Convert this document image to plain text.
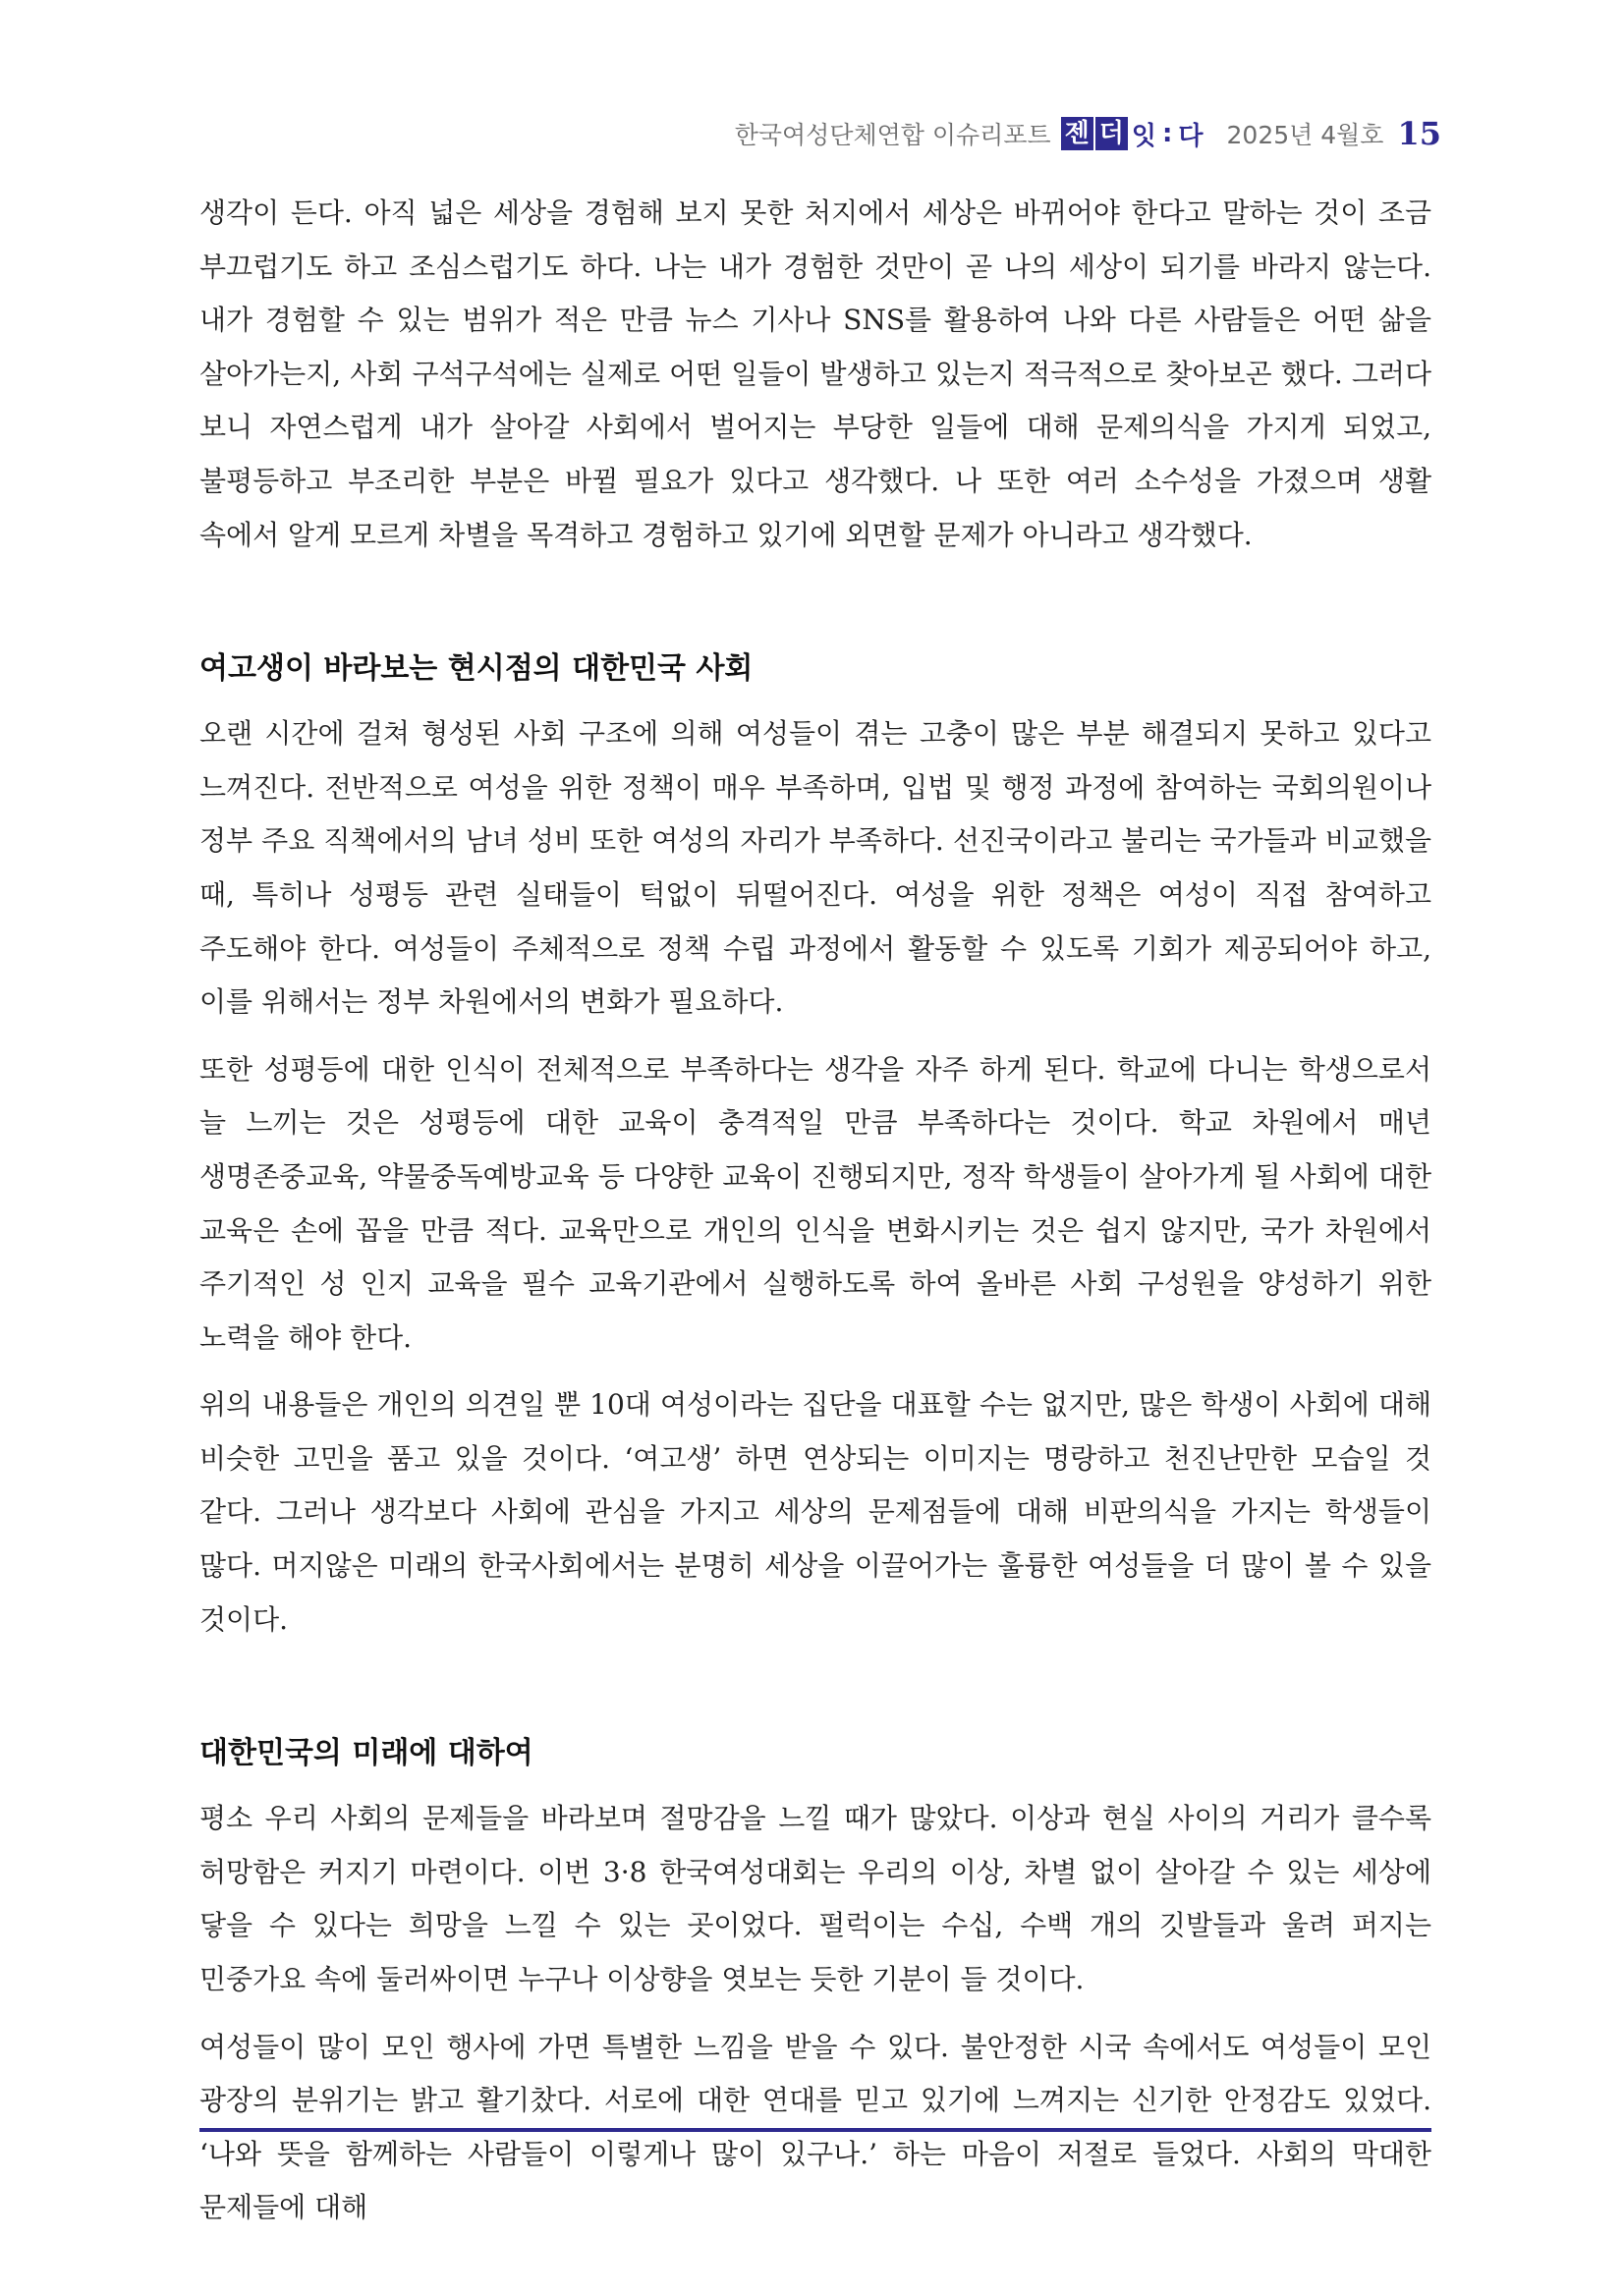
한국여성단체연합 이슈리포트 젠 더 잇 : 다 2025년 4월호 15

생각이 든다. 아직 넓은 세상을 경험해 보지 못한 처지에서 세상은 바뀌어야 한다고 말하는 것이 조금 부끄럽기도 하고 조심스럽기도 하다. 나는 내가 경험한 것만이 곧 나의 세상이 되기를 바라지 않는다. 내가 경험할 수 있는 범위가 적은 만큼 뉴스 기사나 SNS를 활용하여 나와 다른 사람들은 어떤 삶을 살아가는지, 사회 구석구석에는 실제로 어떤 일들이 발생하고 있는지 적극적으로 찾아보곤 했다. 그러다 보니 자연스럽게 내가 살아갈 사회에서 벌어지는 부당한 일들에 대해 문제의식을 가지게 되었고, 불평등하고 부조리한 부분은 바뀔 필요가 있다고 생각했다. 나 또한 여러 소수성을 가졌으며 생활 속에서 알게 모르게 차별을 목격하고 경험하고 있기에 외면할 문제가 아니라고 생각했다.

여고생이 바라보는 현시점의 대한민국 사회

오랜 시간에 걸쳐 형성된 사회 구조에 의해 여성들이 겪는 고충이 많은 부분 해결되지 못하고 있다고 느껴진다. 전반적으로 여성을 위한 정책이 매우 부족하며, 입법 및 행정 과정에 참여하는 국회의원이나 정부 주요 직책에서의 남녀 성비 또한 여성의 자리가 부족하다. 선진국이라고 불리는 국가들과 비교했을 때, 특히나 성평등 관련 실태들이 턱없이 뒤떨어진다. 여성을 위한 정책은 여성이 직접 참여하고 주도해야 한다. 여성들이 주체적으로 정책 수립 과정에서 활동할 수 있도록 기회가 제공되어야 하고, 이를 위해서는 정부 차원에서의 변화가 필요하다.

또한 성평등에 대한 인식이 전체적으로 부족하다는 생각을 자주 하게 된다. 학교에 다니는 학생으로서 늘 느끼는 것은 성평등에 대한 교육이 충격적일 만큼 부족하다는 것이다. 학교 차원에서 매년 생명존중교육, 약물중독예방교육 등 다양한 교육이 진행되지만, 정작 학생들이 살아가게 될 사회에 대한 교육은 손에 꼽을 만큼 적다. 교육만으로 개인의 인식을 변화시키는 것은 쉽지 않지만, 국가 차원에서 주기적인 성 인지 교육을 필수 교육기관에서 실행하도록 하여 올바른 사회 구성원을 양성하기 위한 노력을 해야 한다.

위의 내용들은 개인의 의견일 뿐 10대 여성이라는 집단을 대표할 수는 없지만, 많은 학생이 사회에 대해 비슷한 고민을 품고 있을 것이다. ‘여고생’ 하면 연상되는 이미지는 명랑하고 천진난만한 모습일 것 같다. 그러나 생각보다 사회에 관심을 가지고 세상의 문제점들에 대해 비판의식을 가지는 학생들이 많다. 머지않은 미래의 한국사회에서는 분명히 세상을 이끌어가는 훌륭한 여성들을 더 많이 볼 수 있을 것이다.

대한민국의 미래에 대하여

평소 우리 사회의 문제들을 바라보며 절망감을 느낄 때가 많았다. 이상과 현실 사이의 거리가 클수록 허망함은 커지기 마련이다. 이번 3·8 한국여성대회는 우리의 이상, 차별 없이 살아갈 수 있는 세상에 닿을 수 있다는 희망을 느낄 수 있는 곳이었다. 펄럭이는 수십, 수백 개의 깃발들과 울려 퍼지는 민중가요 속에 둘러싸이면 누구나 이상향을 엿보는 듯한 기분이 들 것이다.

여성들이 많이 모인 행사에 가면 특별한 느낌을 받을 수 있다. 불안정한 시국 속에서도 여성들이 모인 광장의 분위기는 밝고 활기찼다. 서로에 대한 연대를 믿고 있기에 느껴지는 신기한 안정감도 있었다. ‘나와 뜻을 함께하는 사람들이 이렇게나 많이 있구나.’ 하는 마음이 저절로 들었다. 사회의 막대한 문제들에 대해
